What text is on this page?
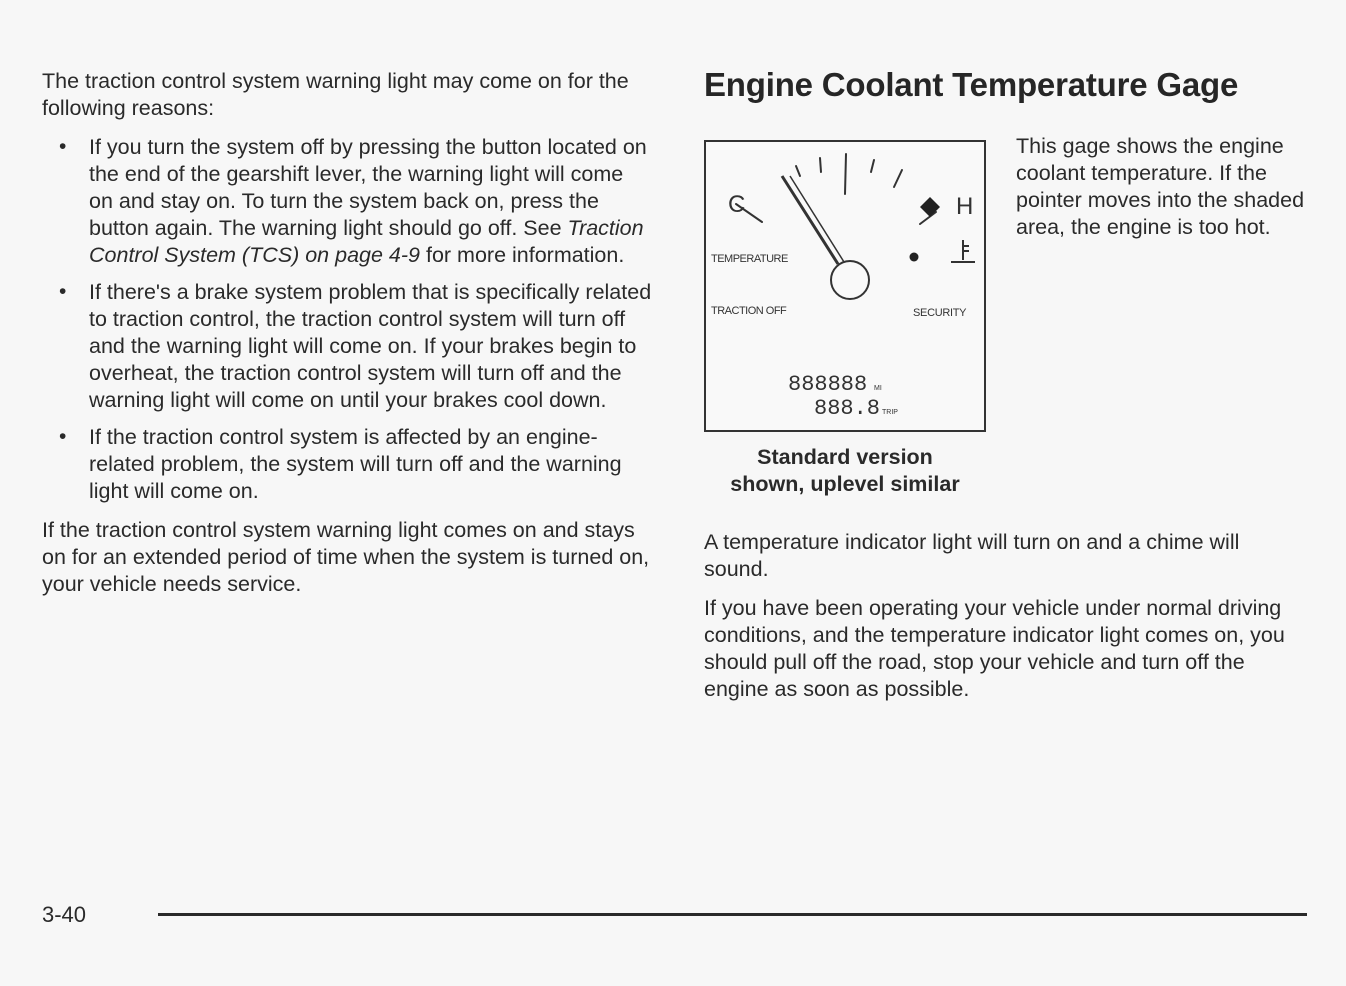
The traction control system warning light may come on for the following reasons:

• If you turn the system off by pressing the button located on the end of the gearshift lever, the warning light will come on and stay on. To turn the system back on, press the button again. The warning light should go off. See Traction Control System (TCS) on page 4-9 for more information.
• If there's a brake system problem that is specifically related to traction control, the traction control system will turn off and the warning light will come on. If your brakes begin to overheat, the traction control system will turn off and the warning light will come on until your brakes cool down.
• If the traction control system is affected by an engine-related problem, the system will turn off and the warning light will come on.

If the traction control system warning light comes on and stays on for an extended period of time when the system is turned on, your vehicle needs service.

Engine Coolant Temperature Gage
C	H
TEMPERATURE
TRACTION OFF	SECURITY
888888 MI
888.8 TRIP
Standard version
shown, uplevel similar
This gage shows the engine coolant temperature. If the pointer moves into the shaded area, the engine is too hot.

A temperature indicator light will turn on and a chime will sound.

If you have been operating your vehicle under normal driving conditions, and the temperature indicator light comes on, you should pull off the road, stop your vehicle and turn off the engine as soon as possible.

3-40
